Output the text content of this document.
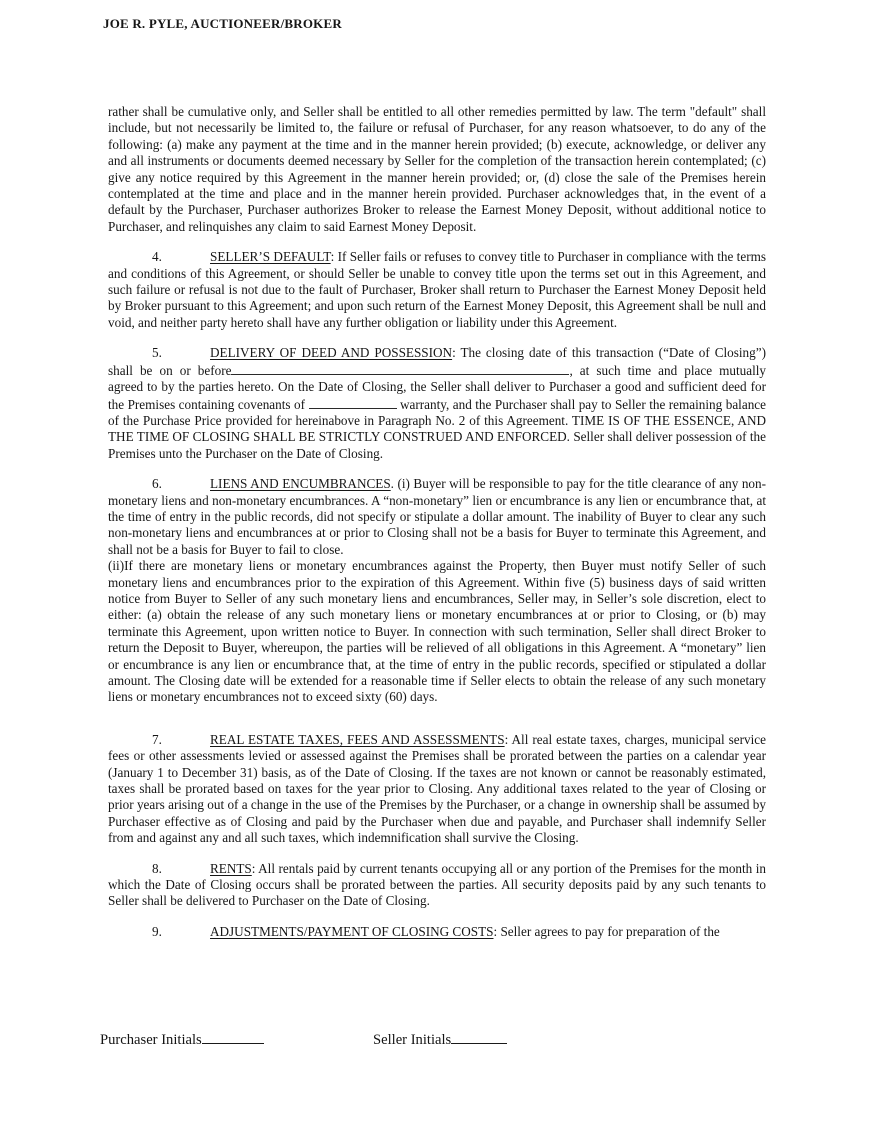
JOE R. PYLE, AUCTIONEER/BROKER
rather shall be cumulative only, and Seller shall be entitled to all other remedies permitted by law. The term "default" shall include, but not necessarily be limited to, the failure or refusal of Purchaser, for any reason whatsoever, to do any of the following: (a) make any payment at the time and in the manner herein provided; (b) execute, acknowledge, or deliver any and all instruments or documents deemed necessary by Seller for the completion of the transaction herein contemplated; (c) give any notice required by this Agreement in the manner herein provided; or, (d) close the sale of the Premises herein contemplated at the time and place and in the manner herein provided. Purchaser acknowledges that, in the event of a default by the Purchaser, Purchaser authorizes Broker to release the Earnest Money Deposit, without additional notice to Purchaser, and relinquishes any claim to said Earnest Money Deposit.
4.	SELLER’S DEFAULT: If Seller fails or refuses to convey title to Purchaser in compliance with the terms and conditions of this Agreement, or should Seller be unable to convey title upon the terms set out in this Agreement, and such failure or refusal is not due to the fault of Purchaser, Broker shall return to Purchaser the Earnest Money Deposit held by Broker pursuant to this Agreement; and upon such return of the Earnest Money Deposit, this Agreement shall be null and void, and neither party hereto shall have any further obligation or liability under this Agreement.
5.	DELIVERY OF DEED AND POSSESSION: The closing date of this transaction (“Date of Closing”) shall be on or before	, at such time and place mutually agreed to by the parties hereto. On the Date of Closing, the Seller shall deliver to Purchaser a good and sufficient deed for the Premises containing covenants of	warranty, and the Purchaser shall pay to Seller the remaining balance of the Purchase Price provided for hereinabove in Paragraph No. 2 of this Agreement. TIME IS OF THE ESSENCE, AND THE TIME OF CLOSING SHALL BE STRICTLY CONSTRUED AND ENFORCED. Seller shall deliver possession of the Premises unto the Purchaser on the Date of Closing.
6.	LIENS AND ENCUMBRANCES. (i) Buyer will be responsible to pay for the title clearance of any non-monetary liens and non-monetary encumbrances. A “non-monetary” lien or encumbrance is any lien or encumbrance that, at the time of entry in the public records, did not specify or stipulate a dollar amount. The inability of Buyer to clear any such non-monetary liens and encumbrances at or prior to Closing shall not be a basis for Buyer to terminate this Agreement, and shall not be a basis for Buyer to fail to close.
(ii)If there are monetary liens or monetary encumbrances against the Property, then Buyer must notify Seller of such monetary liens and encumbrances prior to the expiration of this Agreement. Within five (5) business days of said written notice from Buyer to Seller of any such monetary liens and encumbrances, Seller may, in Seller’s sole discretion, elect to either: (a) obtain the release of any such monetary liens or monetary encumbrances at or prior to Closing, or (b) may terminate this Agreement, upon written notice to Buyer. In connection with such termination, Seller shall direct Broker to return the Deposit to Buyer, whereupon, the parties will be relieved of all obligations in this Agreement. A “monetary” lien or encumbrance is any lien or encumbrance that, at the time of entry in the public records, specified or stipulated a dollar amount. The Closing date will be extended for a reasonable time if Seller elects to obtain the release of any such monetary liens or monetary encumbrances not to exceed sixty (60) days.
7.	REAL ESTATE TAXES, FEES AND ASSESSMENTS: All real estate taxes, charges, municipal service fees or other assessments levied or assessed against the Premises shall be prorated between the parties on a calendar year (January 1 to December 31) basis, as of the Date of Closing. If the taxes are not known or cannot be reasonably estimated, taxes shall be prorated based on taxes for the year prior to Closing. Any additional taxes related to the year of Closing or prior years arising out of a change in the use of the Premises by the Purchaser, or a change in ownership shall be assumed by Purchaser effective as of Closing and paid by the Purchaser when due and payable, and Purchaser shall indemnify Seller from and against any and all such taxes, which indemnification shall survive the Closing.
8.	RENTS: All rentals paid by current tenants occupying all or any portion of the Premises for the month in which the Date of Closing occurs shall be prorated between the parties. All security deposits paid by any such tenants to Seller shall be delivered to Purchaser on the Date of Closing.
9.	ADJUSTMENTS/PAYMENT OF CLOSING COSTS: Seller agrees to pay for preparation of the
Purchaser Initials	Seller Initials
